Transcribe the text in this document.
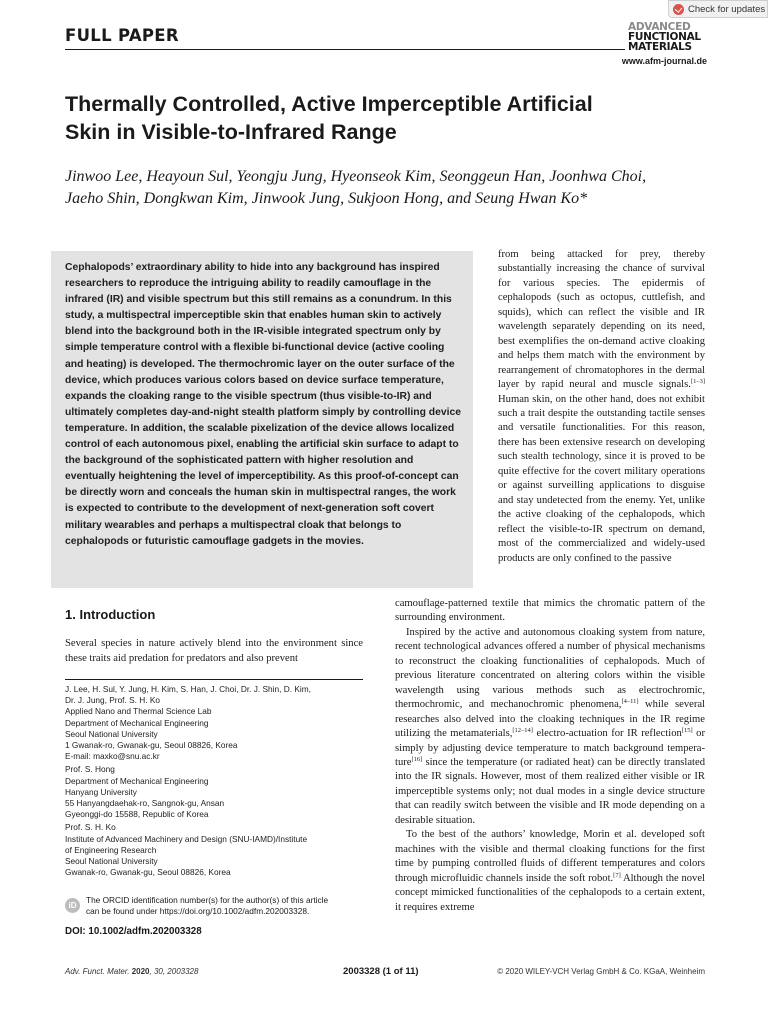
Check for updates
FULL PAPER	ADVANCED
FUNCTIONAL
MATERIALS
www.afm-journal.de
Thermally Controlled, Active Imperceptible Artificial
Skin in Visible-to-Infrared Range
Jinwoo Lee, Heayoun Sul, Yeongju Jung, Hyeonseok Kim, Seonggeun Han, Joonhwa Choi,
Jaeho Shin, Dongkwan Kim, Jinwook Jung, Sukjoon Hong, and Seung Hwan Ko*
Cephalopods’ extraordinary ability to hide into any background has inspired researchers to reproduce the intriguing ability to readily camouflage in the infrared (IR) and visible spectrum but this still remains as a conundrum. In this study, a multispectral imperceptible skin that enables human skin to actively blend into the background both in the IR-visible integrated spectrum only by simple temperature control with a flexible bi-functional device (active cooling and heating) is developed. The thermochromic layer on the outer surface of the device, which produces various colors based on device surface temperature, expands the cloaking range to the visible spectrum (thus visible-to-IR) and ultimately completes day-and-night stealth platform simply by controlling device temperature. In addition, the scalable pixelization of the device allows localized control of each autonomous pixel, enabling the artificial skin surface to adapt to the background of the sophisticated pattern with higher resolution and eventually heightening the level of imperceptibility. As this proof-of-concept can be directly worn and conceals the human skin in multispectral ranges, the work is expected to contribute to the development of next-generation soft covert military wearables and perhaps a multispectral cloak that belongs to cephalopods or futuristic camouflage gadgets in the movies.

from being attacked for prey, thereby substantially increasing the chance of survival for various species. The epidermis of cephalopods (such as octopus, cuttlefish, and squids), which can reflect the visible and IR wavelength separately depending on its need, best exemplifies the on-demand active cloaking and helps them match with the environment by rearrangement of chromatophores in the dermal layer by rapid neural and muscle signals.[1–3] Human skin, on the other hand, does not exhibit such a trait despite the outstanding tactile senses and versatile functionalities. For this reason, there has been extensive research on developing such stealth technology, since it is proved to be quite effective for the covert military operations or against surveilling applications to disguise and stay undetected from the enemy. Yet, unlike the active cloaking of the cephalopods, which reflect the visible-to-IR spectrum on demand, most of the commercialized and widely-used products are only confined to the passive

1. Introduction

Several species in nature actively blend into the environment since these traits aid predation for predators and also prevent

J. Lee, H. Sul, Y. Jung, H. Kim, S. Han, J. Choi, Dr. J. Shin, D. Kim,
Dr. J. Jung, Prof. S. H. Ko
Applied Nano and Thermal Science Lab
Department of Mechanical Engineering
Seoul National University
1 Gwanak-ro, Gwanak-gu, Seoul 08826, Korea
E-mail: maxko@snu.ac.kr
Prof. S. Hong
Department of Mechanical Engineering
Hanyang University
55 Hanyangdaehak-ro, Sangnok-gu, Ansan
Gyeonggi-do 15588, Republic of Korea
Prof. S. H. Ko
Institute of Advanced Machinery and Design (SNU-IAMD)/Institute
of Engineering Research
Seoul National University
Gwanak-ro, Gwanak-gu, Seoul 08826, Korea
iD
The ORCID identification number(s) for the author(s) of this article
can be found under https://doi.org/10.1002/adfm.202003328.
DOI: 10.1002/adfm.202003328

camouflage-patterned textile that mimics the chromatic pattern of the surrounding environment.

Inspired by the active and autonomous cloaking system from nature, recent technological advances offered a number of physical mechanisms to reconstruct the cloaking functionalities of cephalopods. Much of previous literature concentrated on altering colors within the visible wavelength using various methods such as electrochromic, thermochromic, and mechanochromic phenomena,[4–11] while several researches also delved into the cloaking techniques in the IR regime utilizing the metamaterials,[12–14] electro-actuation for IR reflection[15] or simply by adjusting device temperature to match background temperature[16] since the temperature (or radiated heat) can be directly translated into the IR signals. However, most of them realized either visible or IR imperceptible systems only; not dual modes in a single device structure that can readily switch between the visible and IR mode depending on a desirable situation.

To the best of the authors’ knowledge, Morin et al. developed soft machines with the visible and thermal cloaking functions for the first time by pumping controlled fluids of different temperatures and colors through microfluidic channels inside the soft robot.[7] Although the novel concept mimicked functionalities of the cephalopods to a certain extent, it requires extreme

Adv. Funct. Mater. 2020, 30, 2003328	2003328 (1 of 11)	© 2020 WILEY-VCH Verlag GmbH & Co. KGaA, Weinheim
